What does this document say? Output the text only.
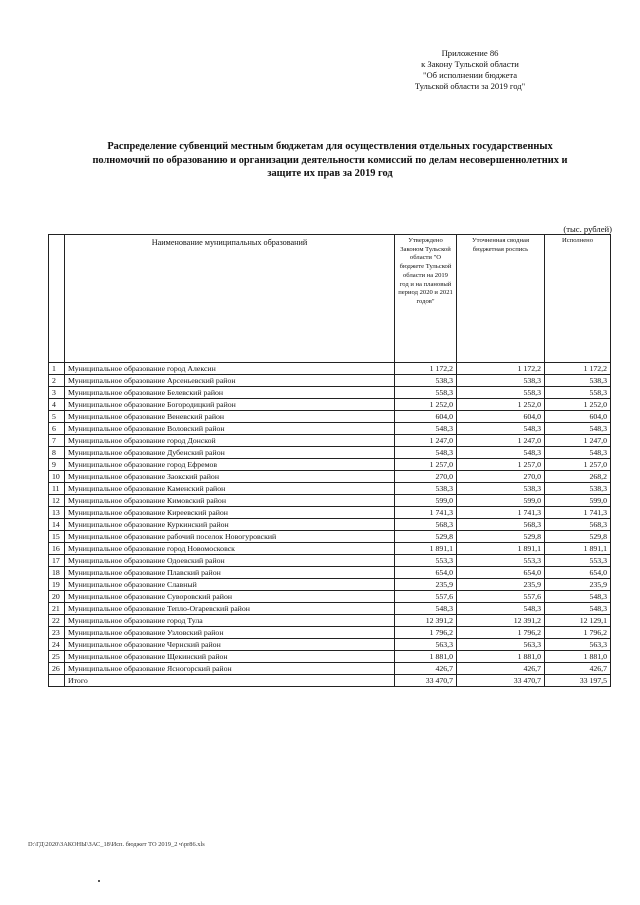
Приложение 86
к Закону Тульской области
"Об исполнении бюджета
Тульской области за 2019 год"
Распределение субвенций местным бюджетам для осуществления отдельных государственных
полномочий по образованию и организации деятельности комиссий по делам несовершеннолетних и
защите их прав за 2019 год
(тыс. рублей)
	Наименование муниципальных образований	Утверждено Законом Тульской области "О бюджете Тульской области на 2019 год и на плановый период 2020 и 2021 годов"	Уточненная сводная бюджетная роспись	Исполнено
1	Муниципальное образование город Алексин	1 172,2	1 172,2	1 172,2
2	Муниципальное образование Арсеньевский район	538,3	538,3	538,3
3	Муниципальное образование Белевский район	558,3	558,3	558,3
4	Муниципальное образование Богородицкий район	1 252,0	1 252,0	1 252,0
5	Муниципальное образование Веневский район	604,0	604,0	604,0
6	Муниципальное образование Воловский район	548,3	548,3	548,3
7	Муниципальное образование город Донской	1 247,0	1 247,0	1 247,0
8	Муниципальное образование Дубенский район	548,3	548,3	548,3
9	Муниципальное образование город Ефремов	1 257,0	1 257,0	1 257,0
10	Муниципальное образование Заокский район	270,0	270,0	268,2
11	Муниципальное образование Каменский район	538,3	538,3	538,3
12	Муниципальное образование Кимовский район	599,0	599,0	599,0
13	Муниципальное образование Киреевский район	1 741,3	1 741,3	1 741,3
14	Муниципальное образование Куркинский район	568,3	568,3	568,3
15	Муниципальное образование рабочий поселок Новогуровский	529,8	529,8	529,8
16	Муниципальное образование город Новомосковск	1 891,1	1 891,1	1 891,1
17	Муниципальное образование Одоевский район	553,3	553,3	553,3
18	Муниципальное образование Плавский район	654,0	654,0	654,0
19	Муниципальное образование Славный	235,9	235,9	235,9
20	Муниципальное образование Суворовский район	557,6	557,6	548,3
21	Муниципальное образование Тепло-Огаревский район	548,3	548,3	548,3
22	Муниципальное образование город Тула	12 391,2	12 391,2	12 129,1
23	Муниципальное образование Узловский район	1 796,2	1 796,2	1 796,2
24	Муниципальное образование Чернский район	563,3	563,3	563,3
25	Муниципальное образование Щекинский район	1 881,0	1 881,0	1 881,0
26	Муниципальное образование Ясногорский район	426,7	426,7	426,7
	Итого	33 470,7	33 470,7	33 197,5
D:\ГД\2020\ЗАКОНЫ\ЗАС_18\Исп. бюджет ТО 2019_2 ч\pr86.xls
